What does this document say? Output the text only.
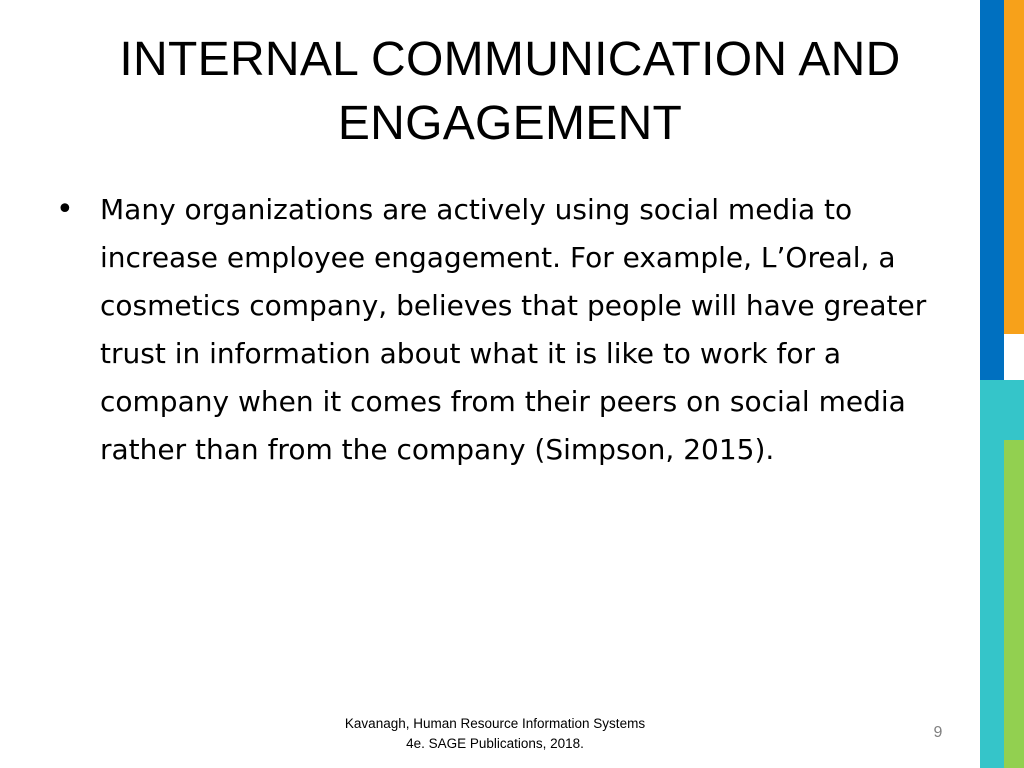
INTERNAL COMMUNICATION AND
ENGAGEMENT
• Many organizations are actively using social media to increase employee engagement. For example, L’Oreal, a cosmetics company, believes that people will have greater trust in information about what it is like to work for a company when it comes from their peers on social media rather than from the company (Simpson, 2015).
Kavanagh, Human Resource Information Systems
4e. SAGE Publications, 2018.
9
